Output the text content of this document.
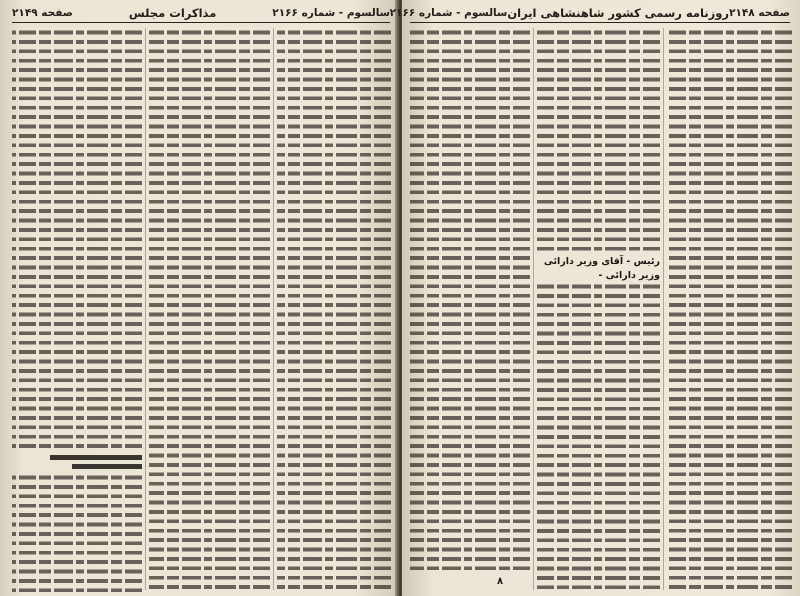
سالسوم - شماره ۲۱۶۶
مذاکرات مجلس
صفحه ۲۱۴۹	صفحه ۲۱۴۸
روزنامه رسمی کشور شاهنشاهی ایران
سالسوم - شماره ۲۱۶۶
رئیس - آقای وزیر دارائی
وزیر دارائی -
۸
